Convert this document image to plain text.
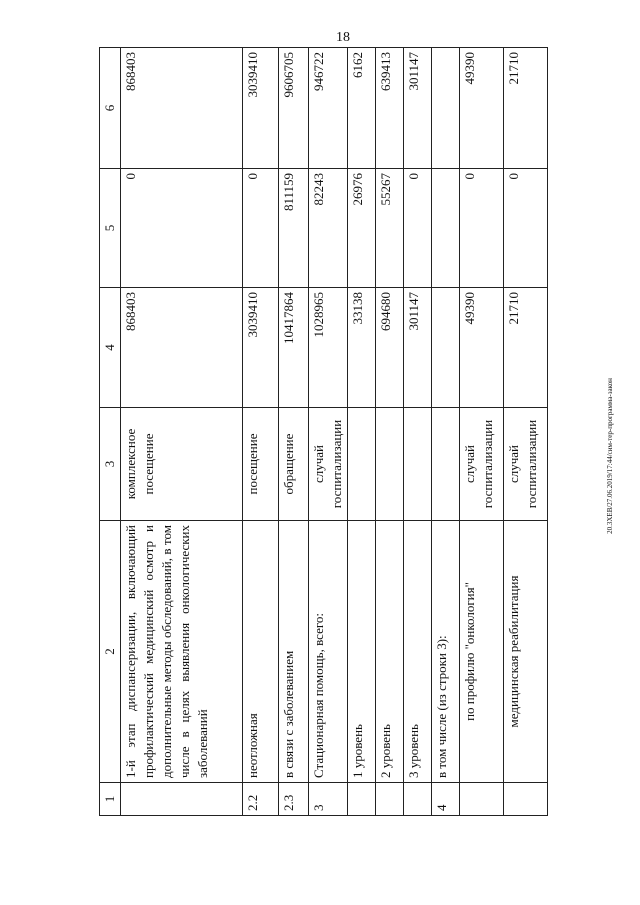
18
20.3XEB/27.06.2019/17:44/сим-тер-программа-закон
1	2	3	4	5	6
	1-й этап диспансеризации, включающий профилактический медицинский осмотр и дополнительные методы обследований, в том числе в целях выявления онкологических заболеваний	комплексное посещение	868403	0	868403
2.2	неотложная	посещение	3039410	0	3039410
2.3	в связи с заболеванием	обращение	10417864	811159	9606705
3	Стационарная помощь, всего:	случай госпитализации	1028965	82243	946722
	1 уровень		33138	26976	6162
	2 уровень		694680	55267	639413
	3 уровень		301147	0	301147
4	в том числе (из строки 3):				
	по профилю "онкология"	случай госпитализации	49390	0	49390
	медицинская реабилитация	случай госпитализации	21710	0	21710
